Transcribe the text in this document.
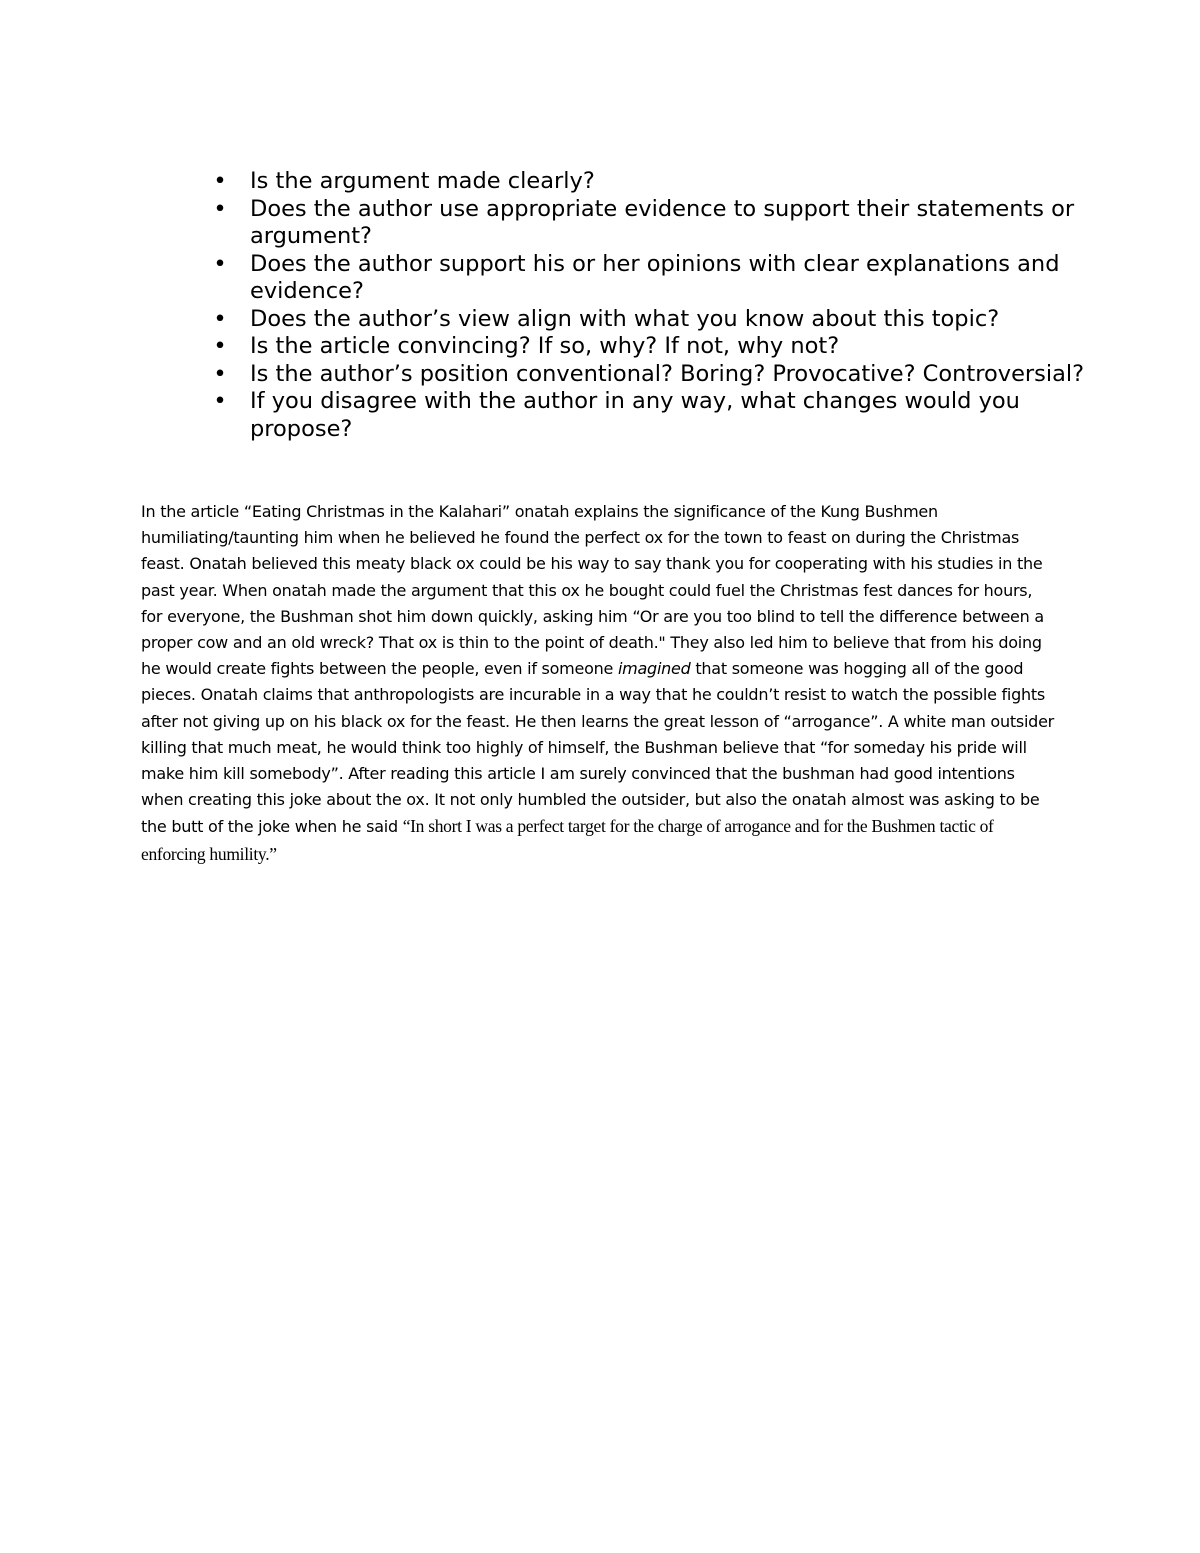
• Is the argument made clearly?
• Does the author use appropriate evidence to support their statements or argument?
• Does the author support his or her opinions with clear explanations and evidence?
• Does the author’s view align with what you know about this topic?
• Is the article convincing? If so, why? If not, why not?
• Is the author’s position conventional? Boring? Provocative? Controversial?
• If you disagree with the author in any way, what changes would you propose?

In the article “Eating Christmas in the Kalahari” onatah explains the significance of the Kung Bushmen humiliating/taunting him when he believed he found the perfect ox for the town to feast on during the Christmas feast. Onatah believed this meaty black ox could be his way to say thank you for cooperating with his studies in the past year. When onatah made the argument that this ox he bought could fuel the Christmas fest dances for hours, for everyone, the Bushman shot him down quickly, asking him “Or are you too blind to tell the difference between a proper cow and an old wreck? That ox is thin to the point of death." They also led him to believe that from his doing he would create fights between the people, even if someone imagined that someone was hogging all of the good pieces. Onatah claims that anthropologists are incurable in a way that he couldn’t resist to watch the possible fights after not giving up on his black ox for the feast. He then learns the great lesson of “arrogance”. A white man outsider killing that much meat, he would think too highly of himself, the Bushman believe that “for someday his pride will make him kill somebody”. After reading this article I am surely convinced that the bushman had good intentions when creating this joke about the ox. It not only humbled the outsider, but also the onatah almost was asking to be the butt of the joke when he said “In short I was a perfect target for the charge of arrogance and for the Bushmen tactic of enforcing humility.”
